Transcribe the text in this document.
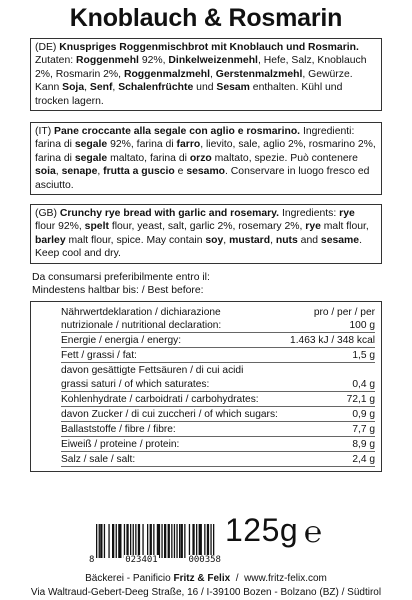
Knoblauch & Rosmarin
(DE) Knuspriges Roggenmischbrot mit Knoblauch und Rosmarin. Zutaten: Roggenmehl 92%, Dinkelweizenmehl, Hefe, Salz, Knoblauch 2%, Rosmarin 2%, Roggenmalzmehl, Gerstenmalzmehl, Gewürze. Kann Soja, Senf, Schalenfrüchte und Sesam enthalten. Kühl und trocken lagern.
(IT) Pane croccante alla segale con aglio e rosmarino. Ingredienti: farina di segale 92%, farina di farro, lievito, sale, aglio 2%, rosmarino 2%, farina di segale maltato, farina di orzo maltato, spezie. Può contenere soia, senape, frutta a guscio e sesamo. Conservare in luogo fresco ed asciutto.
(GB) Crunchy rye bread with garlic and rosemary. Ingredients: rye flour 92%, spelt flour, yeast, salt, garlic 2%, rosemary 2%, rye malt flour, barley malt flour, spice. May contain soy, mustard, nuts and sesame. Keep cool and dry.
Da consumarsi preferibilmente entro il:
Mindestens haltbar bis: / Best before:
Nährwertdeklaration / dichiarazione	pro / per / per
nutrizionale / nutritional declaration:	100 g
Energie / energia / energy:	1.463 kJ / 348 kcal
Fett / grassi / fat:	1,5 g
davon gesättigte Fettsäuren / di cui acidi
grassi saturi / of which saturates:	0,4 g
Kohlenhydrate / carboidrati / carbohydrates:	72,1 g
davon Zucker / di cui zuccheri / of which sugars:	0,9 g
Ballaststoffe / fibre / fibre:	7,7 g
Eiweiß / proteine / protein:	8,9 g
Salz / sale / salt:	2,4 g
8	023401	000358
125g ℮
Bäckerei - Panificio Fritz & Felix  /  www.fritz-felix.com
Via Waltraud-Gebert-Deeg Straße, 16 / I-39100 Bozen - Bolzano (BZ) / Südtirol
